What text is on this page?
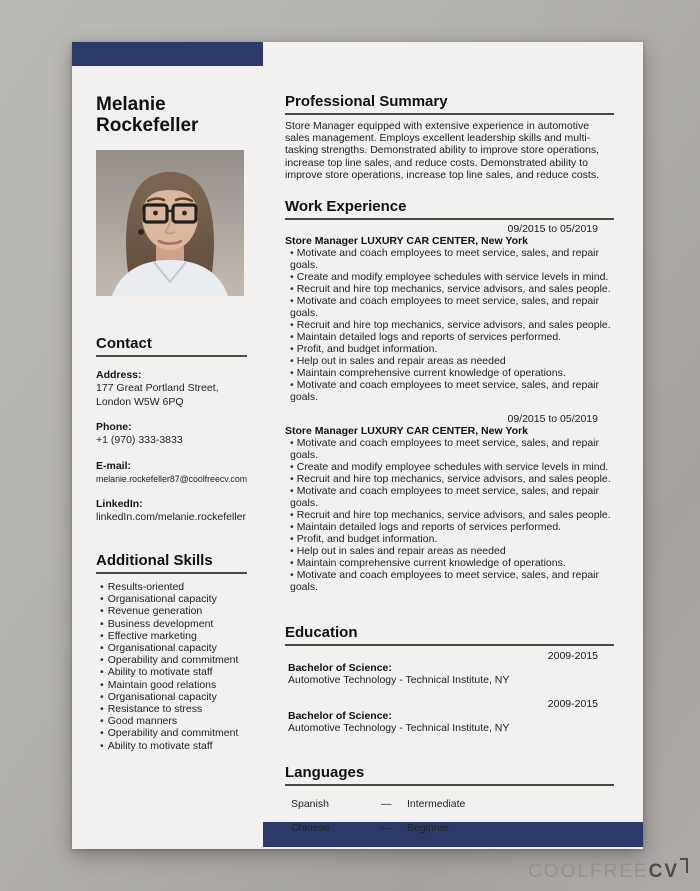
Melanie Rockefeller
Contact
Address:
177 Great Portland Street, London W5W 6PQ
Phone:
+1 (970) 333-3833
E-mail:
melanie.rockefeller87@coolfreecv.com
LinkedIn:
linkedIn.com/melanie.rockefeller
Additional Skills
• Results-oriented
• Organisational capacity
• Revenue generation
• Business development
• Effective marketing
• Organisational capacity
• Operability and commitment
• Ability to motivate staff
• Maintain good relations
• Organisational capacity
• Resistance to stress
• Good manners
• Operability and commitment
• Ability to motivate staff
Professional Summary
Store Manager equipped with extensive experience in automotive sales management. Employs excellent leadership skills and multi-tasking strengths. Demonstrated ability to improve store operations, increase top line sales, and reduce costs. Demonstrated ability to improve store operations, increase top line sales, and reduce costs.
Work Experience
09/2015 to 05/2019
Store Manager LUXURY CAR CENTER, New York
• Motivate and coach employees to meet service, sales, and repair goals.
• Create and modify employee schedules with service levels in mind.
• Recruit and hire top mechanics, service advisors, and sales people.
• Motivate and coach employees to meet service, sales, and repair goals.
• Recruit and hire top mechanics, service advisors, and sales people.
• Maintain detailed logs and reports of services performed.
• Profit, and budget information.
• Help out in sales and repair areas as needed
• Maintain comprehensive current knowledge of operations.
• Motivate and coach employees to meet service, sales, and repair goals.
09/2015 to 05/2019
Store Manager LUXURY CAR CENTER, New York
• Motivate and coach employees to meet service, sales, and repair goals.
• Create and modify employee schedules with service levels in mind.
• Recruit and hire top mechanics, service advisors, and sales people.
• Motivate and coach employees to meet service, sales, and repair goals.
• Recruit and hire top mechanics, service advisors, and sales people.
• Maintain detailed logs and reports of services performed.
• Profit, and budget information.
• Help out in sales and repair areas as needed
• Maintain comprehensive current knowledge of operations.
• Motivate and coach employees to meet service, sales, and repair goals.
Education
2009-2015
Bachelor of Science:
Automotive Technology - Technical Institute, NY
2009-2015
Bachelor of Science:
Automotive Technology - Technical Institute, NY
Languages
Spanish	—	Intermediate
Chinese	—	Beginner
COOLFREECV
